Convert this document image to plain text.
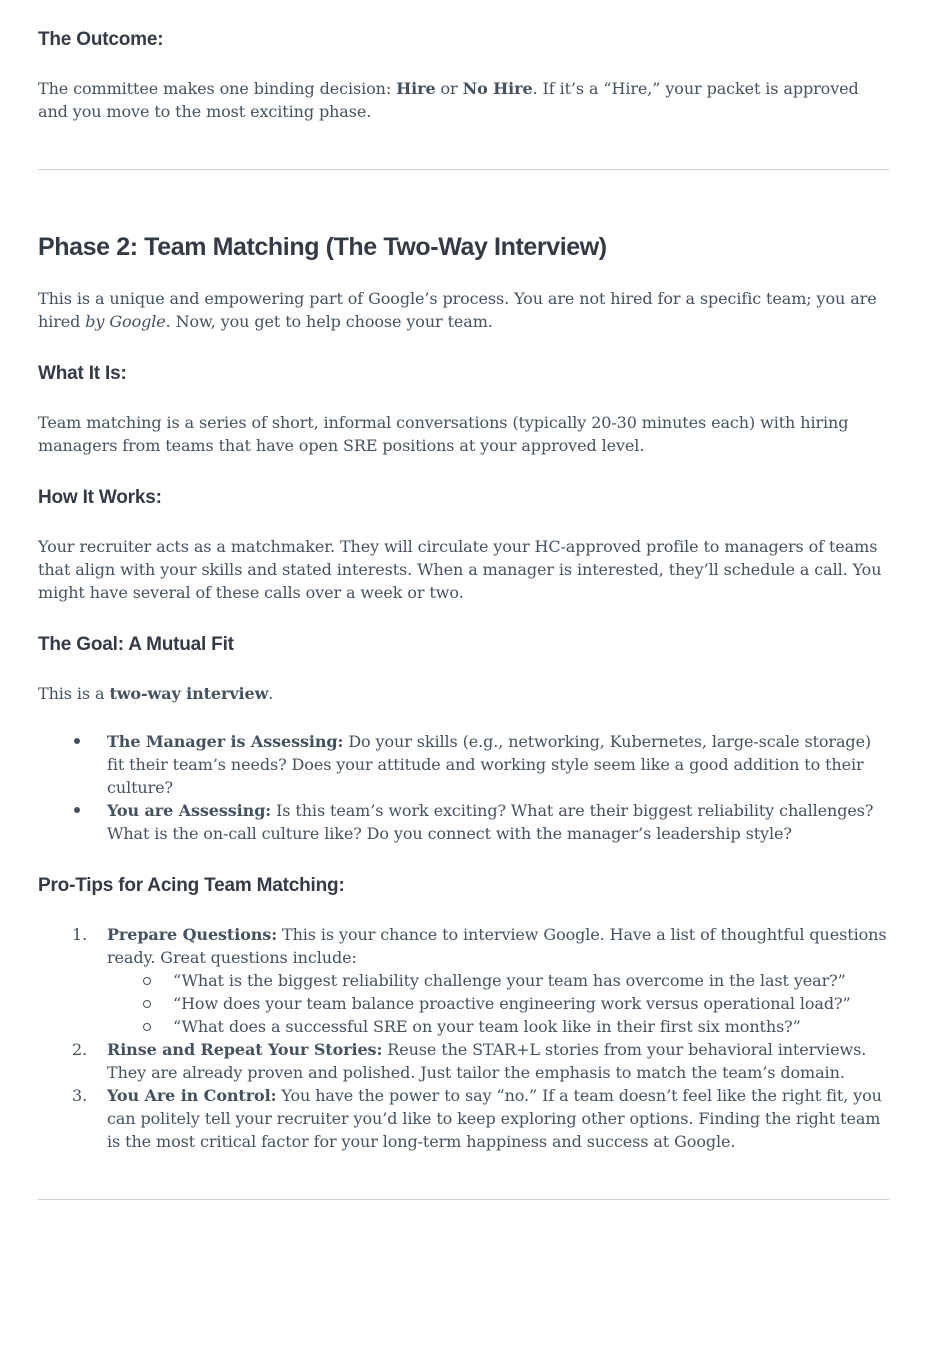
The Outcome:

The committee makes one binding decision: Hire or No Hire. If it’s a “Hire,” your packet is approved and you move to the most exciting phase.

Phase 2: Team Matching (The Two-Way Interview)

This is a unique and empowering part of Google’s process. You are not hired for a specific team; you are hired by Google. Now, you get to help choose your team.

What It Is:

Team matching is a series of short, informal conversations (typically 20-30 minutes each) with hiring managers from teams that have open SRE positions at your approved level.

How It Works:

Your recruiter acts as a matchmaker. They will circulate your HC-approved profile to managers of teams that align with your skills and stated interests. When a manager is interested, they’ll schedule a call. You might have several of these calls over a week or two.

The Goal: A Mutual Fit

This is a two-way interview.

The Manager is Assessing: Do your skills (e.g., networking, Kubernetes, large-scale storage) fit their team’s needs? Does your attitude and working style seem like a good addition to their culture?
You are Assessing: Is this team’s work exciting? What are their biggest reliability challenges? What is the on-call culture like? Do you connect with the manager’s leadership style?
Pro-Tips for Acing Team Matching:
Prepare Questions: This is your chance to interview Google. Have a list of thoughtful questions ready. Great questions include:
“What is the biggest reliability challenge your team has overcome in the last year?”
“How does your team balance proactive engineering work versus operational load?”
“What does a successful SRE on your team look like in their first six months?”
Rinse and Repeat Your Stories: Reuse the STAR+L stories from your behavioral interviews. They are already proven and polished. Just tailor the emphasis to match the team’s domain.
You Are in Control: You have the power to say “no.” If a team doesn’t feel like the right fit, you can politely tell your recruiter you’d like to keep exploring other options. Finding the right team is the most critical factor for your long-term happiness and success at Google.
